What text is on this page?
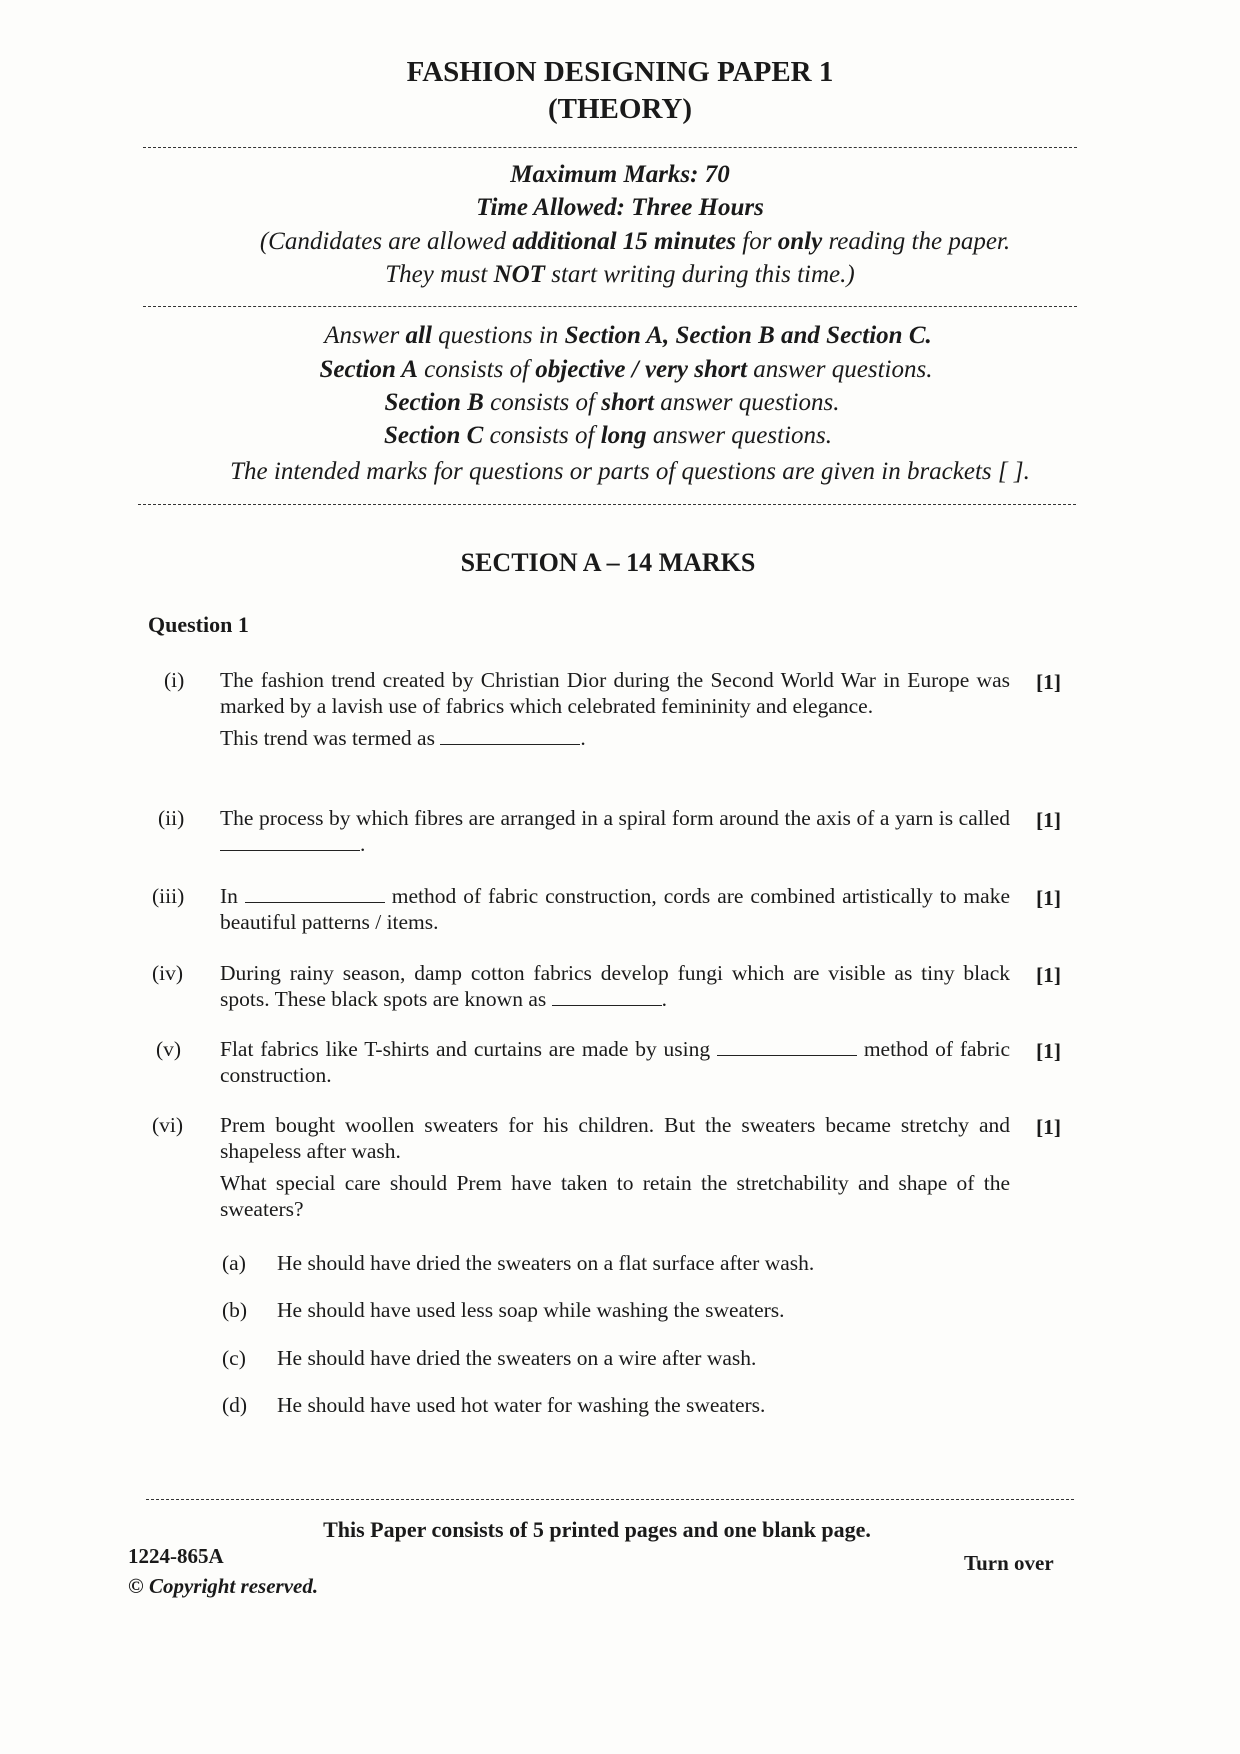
FASHION DESIGNING PAPER 1
(THEORY)
Maximum Marks: 70
Time Allowed: Three Hours
(Candidates are allowed additional 15 minutes for only reading the paper.
They must NOT start writing during this time.)
Answer all questions in Section A, Section B and Section C.
Section A consists of objective / very short answer questions.
Section B consists of short answer questions.
Section C consists of long answer questions.
The intended marks for questions or parts of questions are given in brackets [ ].
SECTION A – 14 MARKS
Question 1
(i)	The fashion trend created by Christian Dior during the Second World War in Europe was marked by a lavish use of fabrics which celebrated femininity and elegance.
This trend was termed as	.
[1]
(ii)	The process by which fibres are arranged in a spiral form around the axis of a yarn is called .
[1]
(iii)	In	method of fabric construction, cords are combined artistically to make beautiful patterns / items.
[1]
(iv)	During rainy season, damp cotton fabrics develop fungi which are visible as tiny black spots. These black spots are known as	.
[1]
(v)	Flat fabrics like T-shirts and curtains are made by using	method of fabric construction.
[1]
(vi)	Prem bought woollen sweaters for his children. But the sweaters became stretchy and shapeless after wash.
What special care should Prem have taken to retain the stretchability and shape of the sweaters?
[1]
(a) He should have dried the sweaters on a flat surface after wash.
(b) He should have used less soap while washing the sweaters.
(c) He should have dried the sweaters on a wire after wash.
(d) He should have used hot water for washing the sweaters.
This Paper consists of 5 printed pages and one blank page.
1224-865A
© Copyright reserved.
Turn over
